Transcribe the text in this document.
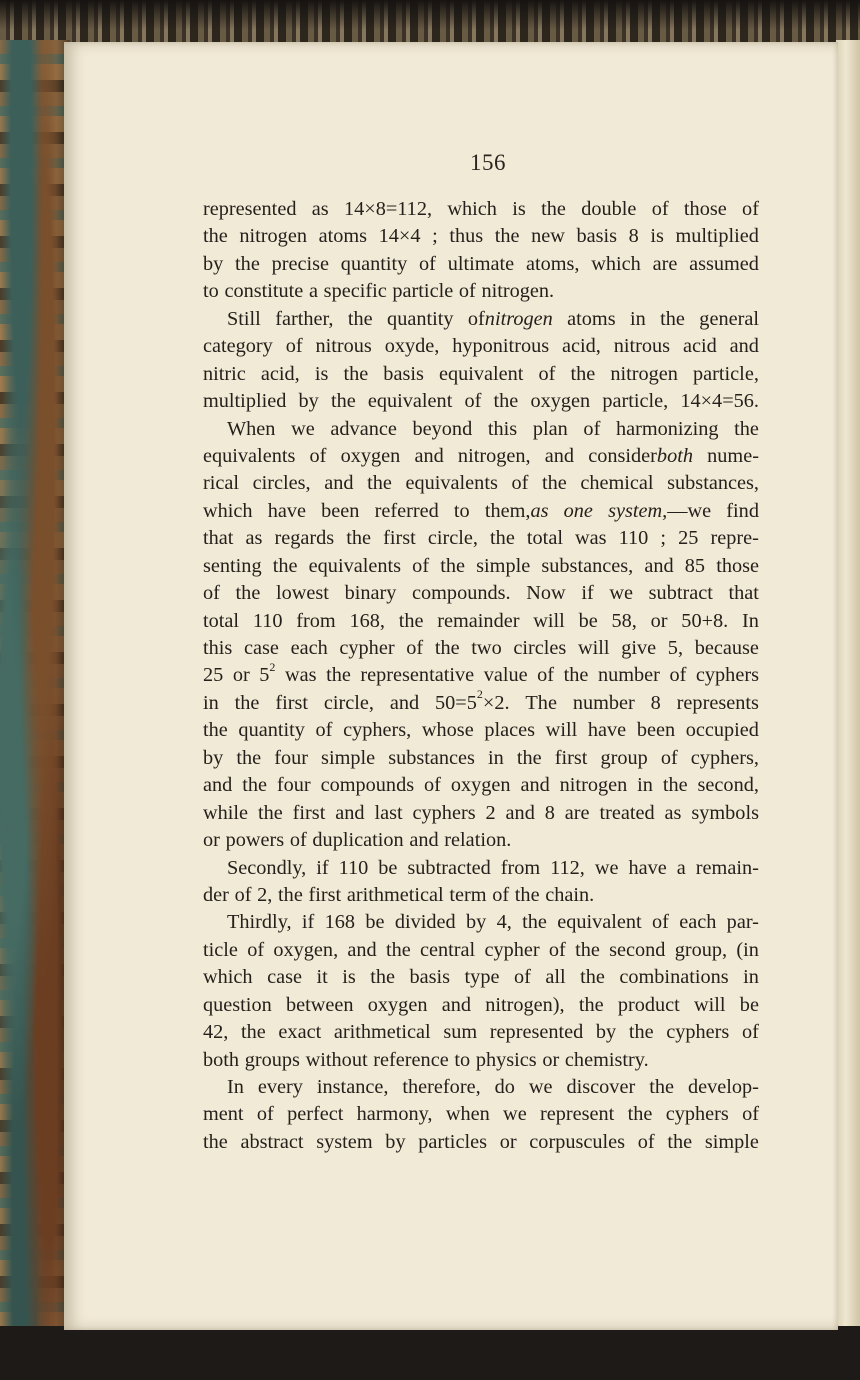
156
represented as 14×8=112, which is the double of those of
the nitrogen atoms 14×4 ; thus the new basis 8 is multiplied
by the precise quantity of ultimate atoms, which are assumed
to constitute a specific particle of nitrogen.
Still farther, the quantity ofnitrogen atoms in the general
category of nitrous oxyde, hyponitrous acid, nitrous acid and
nitric acid, is the basis equivalent of the nitrogen particle,
multiplied by the equivalent of the oxygen particle, 14×4=56.
When we advance beyond this plan of harmonizing the
equivalents of oxygen and nitrogen, and considerboth nume-
rical circles, and the equivalents of the chemical substances,
which have been referred to them,as one system,—we find
that as regards the first circle, the total was 110 ; 25 repre-
senting the equivalents of the simple substances, and 85 those
of the lowest binary compounds. Now if we subtract that
total 110 from 168, the remainder will be 58, or 50+8. In
this case each cypher of the two circles will give 5, because
25 or $5^2$ was the representative value of the number of cyphers
in the first circle, and $50=5^2\times 2$. The number 8 represents
the quantity of cyphers, whose places will have been occupied
by the four simple substances in the first group of cyphers,
and the four compounds of oxygen and nitrogen in the second,
while the first and last cyphers 2 and 8 are treated as symbols
or powers of duplication and relation.
Secondly, if 110 be subtracted from 112, we have a remain-
der of 2, the first arithmetical term of the chain.
Thirdly, if 168 be divided by 4, the equivalent of each par-
ticle of oxygen, and the central cypher of the second group, (in
which case it is the basis type of all the combinations in
question between oxygen and nitrogen), the product will be
42, the exact arithmetical sum represented by the cyphers of
both groups without reference to physics or chemistry.
In every instance, therefore, do we discover the develop-
ment of perfect harmony, when we represent the cyphers of
the abstract system by particles or corpuscules of the simple
